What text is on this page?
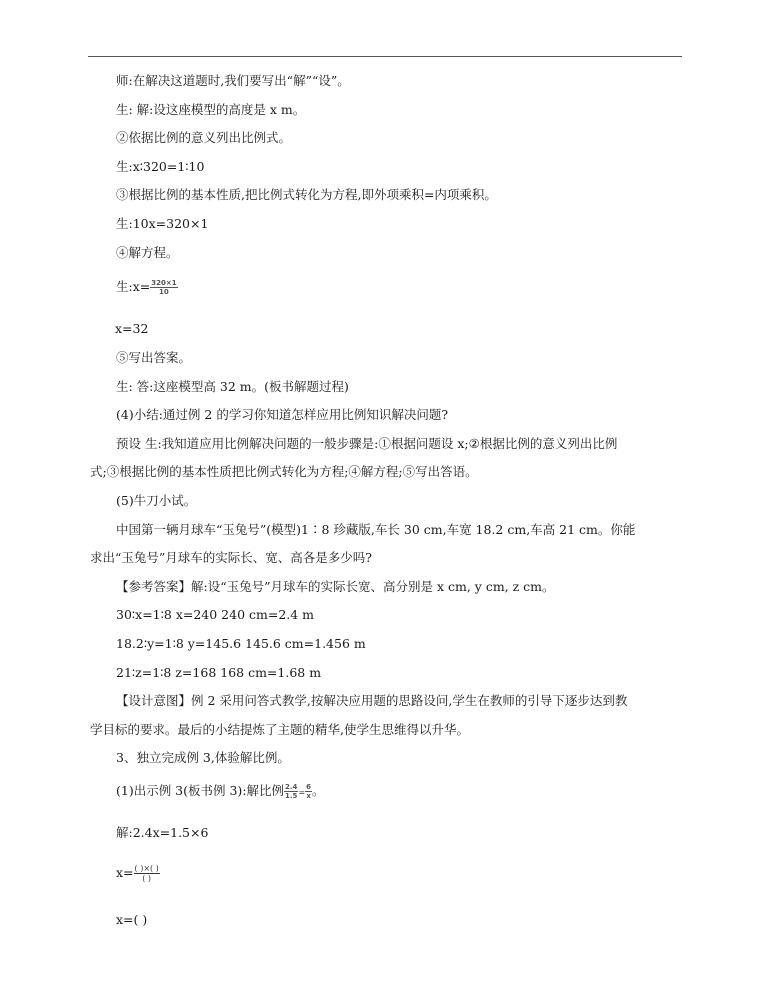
师:在解决这道题时,我们要写出“解”“设”。
生: 解:设这座模型的高度是 x m。
②依据比例的意义列出比例式。
生:x∶320=1∶10
③根据比例的基本性质,把比例式转化为方程,即外项乘积=内项乘积。
生:10x=320×1
④解方程。
生:x= $\frac{320\times 1}{10}$
x=32
⑤写出答案。
生: 答:这座模型高 32 m。(板书解题过程)
(4)小结:通过例 2 的学习你知道怎样应用比例知识解决问题?
预设 生:我知道应用比例解决问题的一般步骤是:①根据问题设 x;②根据比例的意义列出比例
式;③根据比例的基本性质把比例式转化为方程;④解方程;⑤写出答语。
(5)牛刀小试。
中国第一辆月球车“玉兔号”(模型)1∶8 珍藏版,车长 30 cm,车宽 18.2 cm,车高 21 cm。你能
求出“玉兔号”月球车的实际长、宽、高各是多少吗?
【参考答案】解:设“玉兔号”月球车的实际长宽、高分别是 x cm, y cm, z cm。
30∶x=1∶8 x=240 240 cm=2.4 m
18.2∶y=1∶8 y=145.6 145.6 cm=1.456 m
21∶z=1∶8 z=168 168 cm=1.68 m
【设计意图】例 2 采用问答式教学,按解决应用题的思路设问,学生在教师的引导下逐步达到教
学目标的要求。最后的小结提炼了主题的精华,使学生思维得以升华。
3、独立完成例 3,体验解比例。
(1)出示例 3(板书例 3):解比例 $\frac{2.4}{1.5} = \frac{6}{x}$ 。
解:2.4x=1.5×6
$x= \frac{( )\times( )}{( )}$
x=( )
